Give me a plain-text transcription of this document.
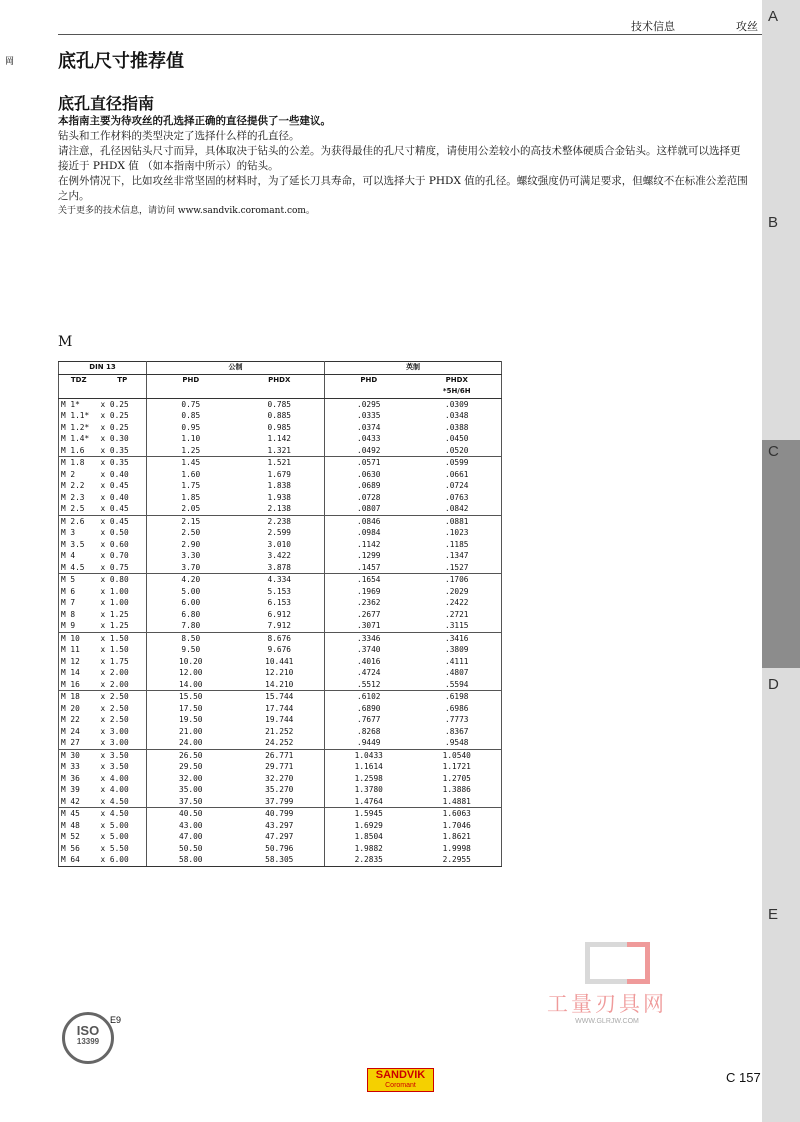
技术信息	攻丝
岡
A
B
C
D
E
底孔尺寸推荐值
底孔直径指南

本指南主要为待攻丝的孔选择正确的直径提供了一些建议。

钻头和工作材料的类型决定了选择什么样的孔直径。

请注意，孔径因钻头尺寸而异，具体取决于钻头的公差。为获得最佳的孔尺寸精度，请使用公差较小的高技术整体硬质合金钻头。这样就可以选择更接近于 PHDX 值 （如本指南中所示）的钻头。

在例外情况下，比如攻丝非常坚固的材料时，为了延长刀具寿命，可以选择大于 PHDX 值的孔径。螺纹强度仍可满足要求，但螺纹不在标准公差范围之内。

关于更多的技术信息，请访问 www.sandvik.coromant.com。

M
DIN 13		公制		英制	
TDZ	TP	PHD	PHDX	PHD	PHDX
*5H/6H
M 1*	x 0.25	0.75	0.785	.0295	.0309
M 1.1*	x 0.25	0.85	0.885	.0335	.0348
M 1.2*	x 0.25	0.95	0.985	.0374	.0388
M 1.4*	x 0.30	1.10	1.142	.0433	.0450
M 1.6	x 0.35	1.25	1.321	.0492	.0520
M 1.8	x 0.35	1.45	1.521	.0571	.0599
M 2	x 0.40	1.60	1.679	.0630	.0661
M 2.2	x 0.45	1.75	1.838	.0689	.0724
M 2.3	x 0.40	1.85	1.938	.0728	.0763
M 2.5	x 0.45	2.05	2.138	.0807	.0842
M 2.6	x 0.45	2.15	2.238	.0846	.0881
M 3	x 0.50	2.50	2.599	.0984	.1023
M 3.5	x 0.60	2.90	3.010	.1142	.1185
M 4	x 0.70	3.30	3.422	.1299	.1347
M 4.5	x 0.75	3.70	3.878	.1457	.1527
M 5	x 0.80	4.20	4.334	.1654	.1706
M 6	x 1.00	5.00	5.153	.1969	.2029
M 7	x 1.00	6.00	6.153	.2362	.2422
M 8	x 1.25	6.80	6.912	.2677	.2721
M 9	x 1.25	7.80	7.912	.3071	.3115
M 10	x 1.50	8.50	8.676	.3346	.3416
M 11	x 1.50	9.50	9.676	.3740	.3809
M 12	x 1.75	10.20	10.441	.4016	.4111
M 14	x 2.00	12.00	12.210	.4724	.4807
M 16	x 2.00	14.00	14.210	.5512	.5594
M 18	x 2.50	15.50	15.744	.6102	.6198
M 20	x 2.50	17.50	17.744	.6890	.6986
M 22	x 2.50	19.50	19.744	.7677	.7773
M 24	x 3.00	21.00	21.252	.8268	.8367
M 27	x 3.00	24.00	24.252	.9449	.9548
M 30	x 3.50	26.50	26.771	1.0433	1.0540
M 33	x 3.50	29.50	29.771	1.1614	1.1721
M 36	x 4.00	32.00	32.270	1.2598	1.2705
M 39	x 4.00	35.00	35.270	1.3780	1.3886
M 42	x 4.50	37.50	37.799	1.4764	1.4881
M 45	x 4.50	40.50	40.799	1.5945	1.6063
M 48	x 5.00	43.00	43.297	1.6929	1.7046
M 52	x 5.00	47.00	47.297	1.8504	1.8621
M 56	x 5.50	50.50	50.796	1.9882	1.9998
M 64	x 6.00	58.00	58.305	2.2835	2.2955
工量刃具网
WWW.GLRJW.COM
ISO
13399
E9
SANDVIK
Coromant
C 157
